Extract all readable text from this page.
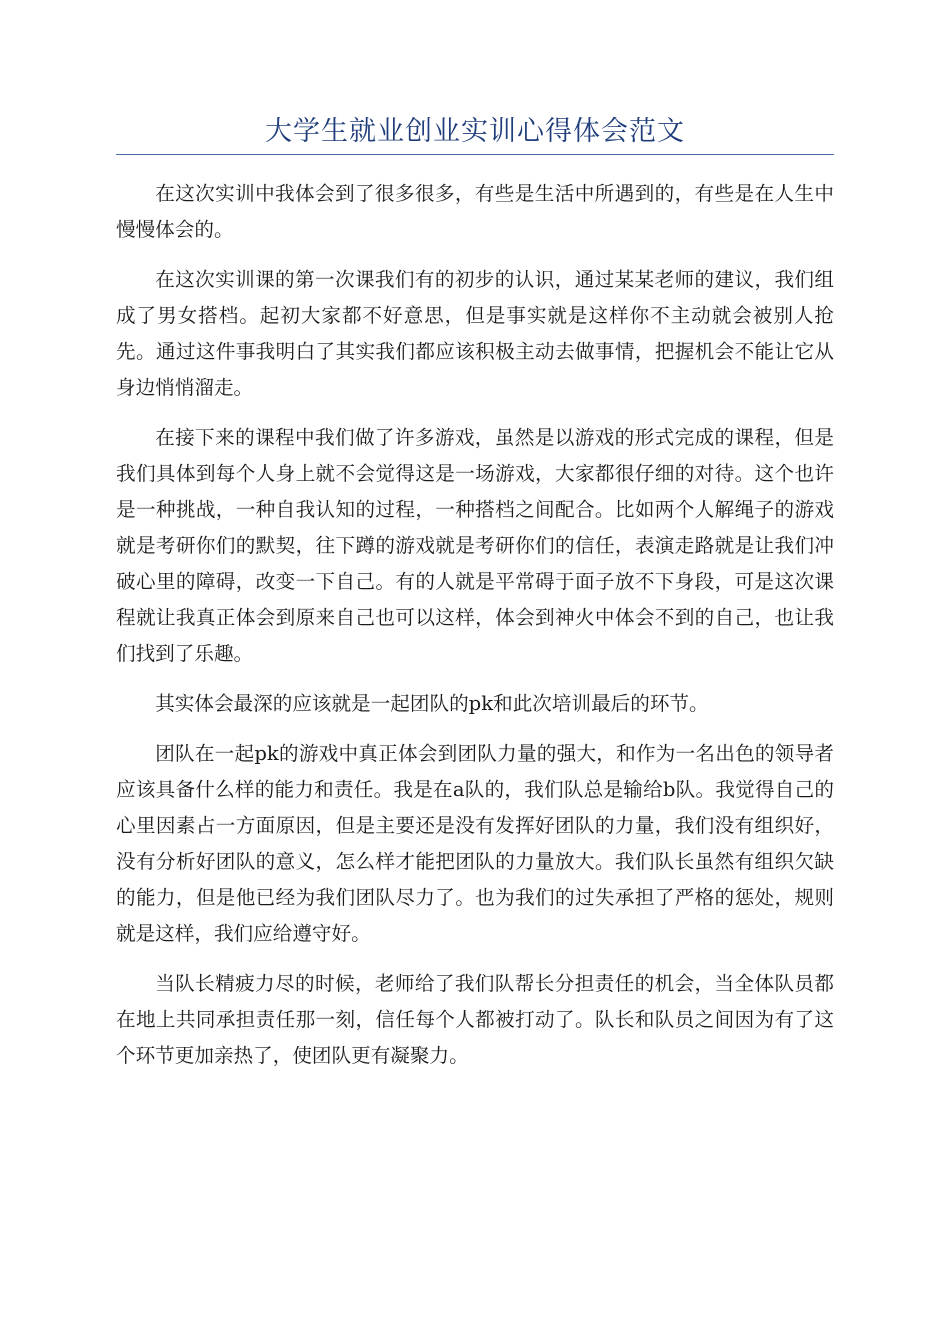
大学生就业创业实训心得体会范文

在这次实训中我体会到了很多很多，有些是生活中所遇到的，有些是在人生中慢慢体会的。

在这次实训课的第一次课我们有的初步的认识，通过某某老师的建议，我们组成了男女搭档。起初大家都不好意思，但是事实就是这样你不主动就会被别人抢先。通过这件事我明白了其实我们都应该积极主动去做事情，把握机会不能让它从身边悄悄溜走。

在接下来的课程中我们做了许多游戏，虽然是以游戏的形式完成的课程，但是我们具体到每个人身上就不会觉得这是一场游戏，大家都很仔细的对待。这个也许是一种挑战，一种自我认知的过程，一种搭档之间配合。比如两个人解绳子的游戏就是考研你们的默契，往下蹲的游戏就是考研你们的信任，表演走路就是让我们冲破心里的障碍，改变一下自己。有的人就是平常碍于面子放不下身段，可是这次课程就让我真正体会到原来自己也可以这样，体会到神火中体会不到的自己，也让我们找到了乐趣。

其实体会最深的应该就是一起团队的pk和此次培训最后的环节。

团队在一起pk的游戏中真正体会到团队力量的强大，和作为一名出色的领导者应该具备什么样的能力和责任。我是在a队的，我们队总是输给b队。我觉得自己的心里因素占一方面原因，但是主要还是没有发挥好团队的力量，我们没有组织好，没有分析好团队的意义，怎么样才能把团队的力量放大。我们队长虽然有组织欠缺的能力，但是他已经为我们团队尽力了。也为我们的过失承担了严格的惩处，规则就是这样，我们应给遵守好。

当队长精疲力尽的时候，老师给了我们队帮长分担责任的机会，当全体队员都在地上共同承担责任那一刻，信任每个人都被打动了。队长和队员之间因为有了这个环节更加亲热了，使团队更有凝聚力。
